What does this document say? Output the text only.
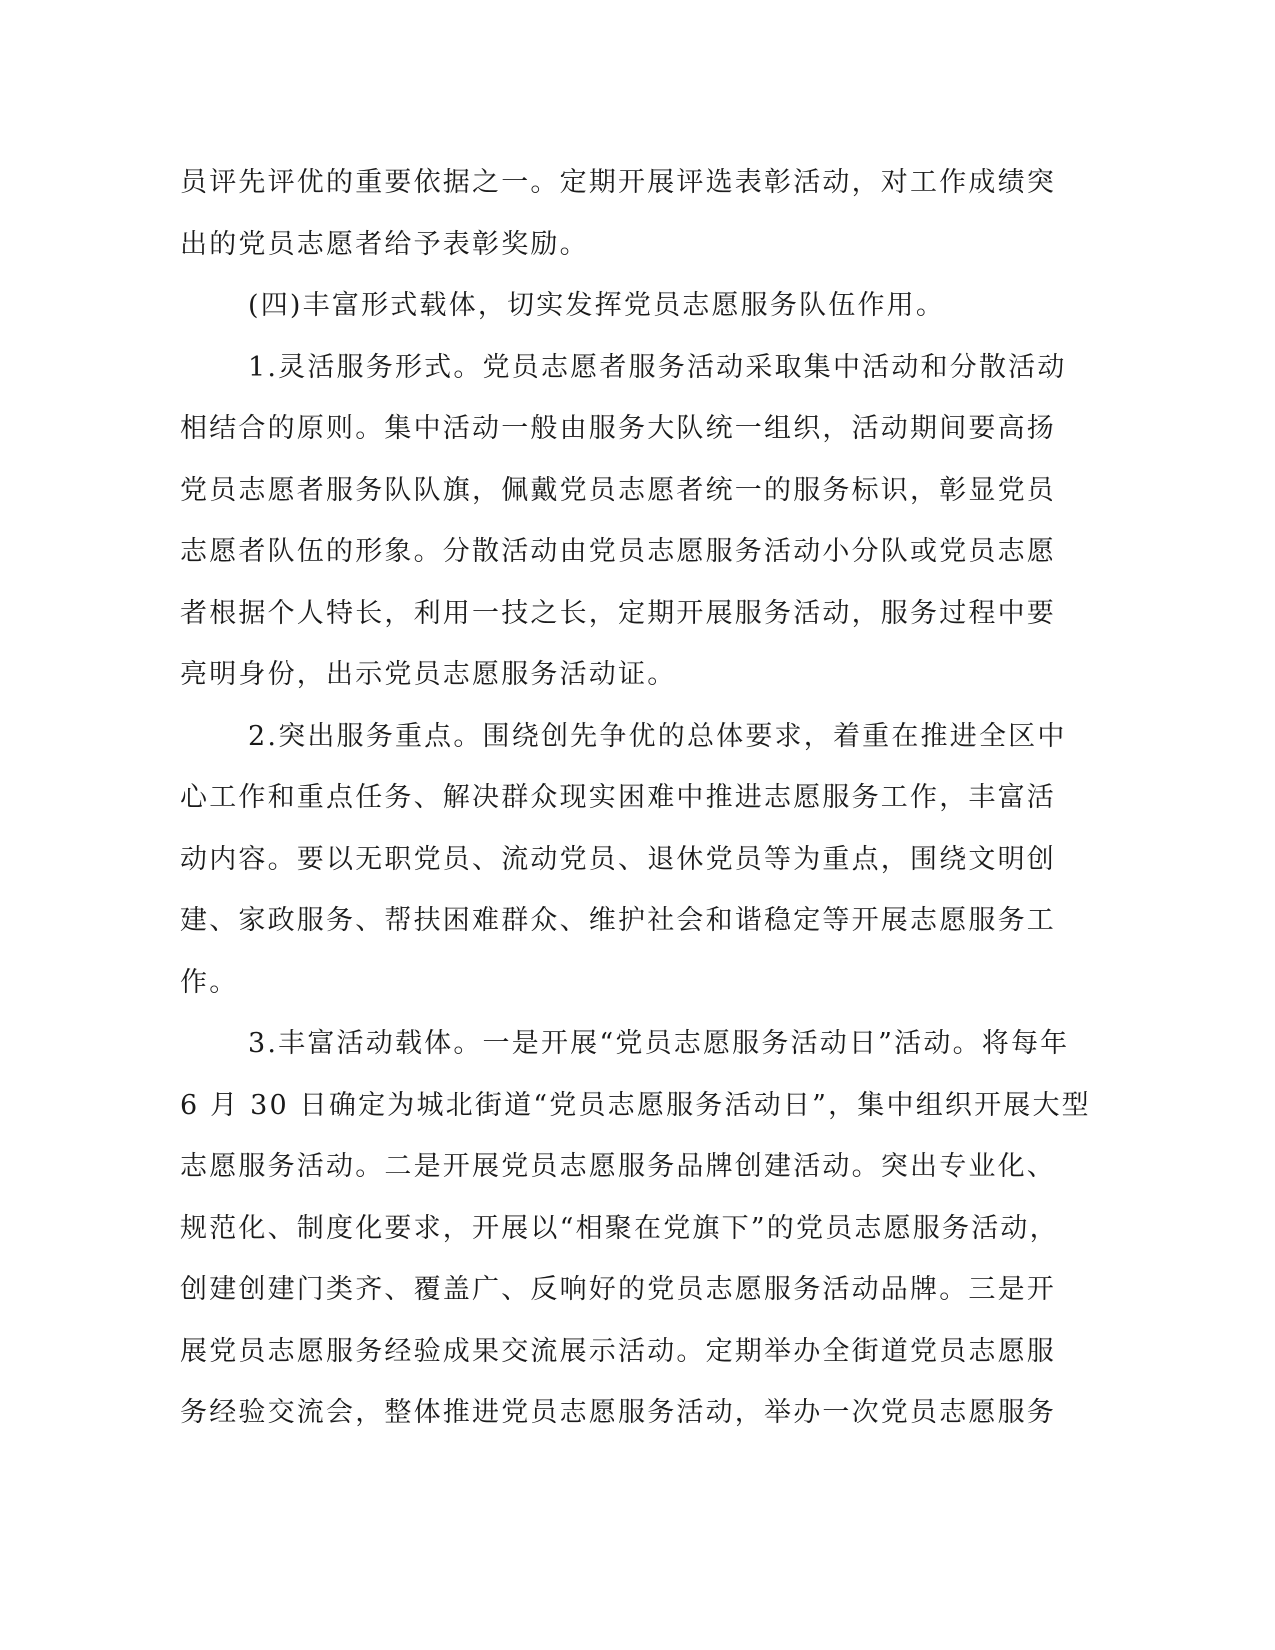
员评先评优的重要依据之一。定期开展评选表彰活动，对工作成绩突
出的党员志愿者给予表彰奖励。
(四)丰富形式载体，切实发挥党员志愿服务队伍作用。
1.灵活服务形式。党员志愿者服务活动采取集中活动和分散活动
相结合的原则。集中活动一般由服务大队统一组织，活动期间要高扬
党员志愿者服务队队旗，佩戴党员志愿者统一的服务标识，彰显党员
志愿者队伍的形象。分散活动由党员志愿服务活动小分队或党员志愿
者根据个人特长，利用一技之长，定期开展服务活动，服务过程中要
亮明身份，出示党员志愿服务活动证。
2.突出服务重点。围绕创先争优的总体要求，着重在推进全区中
心工作和重点任务、解决群众现实困难中推进志愿服务工作，丰富活
动内容。要以无职党员、流动党员、退休党员等为重点，围绕文明创
建、家政服务、帮扶困难群众、维护社会和谐稳定等开展志愿服务工
作。
3.丰富活动载体。一是开展“党员志愿服务活动日”活动。将每年
6 月 30 日确定为城北街道“党员志愿服务活动日”，集中组织开展大型
志愿服务活动。二是开展党员志愿服务品牌创建活动。突出专业化、
规范化、制度化要求，开展以“相聚在党旗下”的党员志愿服务活动，
创建创建门类齐、覆盖广、反响好的党员志愿服务活动品牌。三是开
展党员志愿服务经验成果交流展示活动。定期举办全街道党员志愿服
务经验交流会，整体推进党员志愿服务活动，举办一次党员志愿服务
